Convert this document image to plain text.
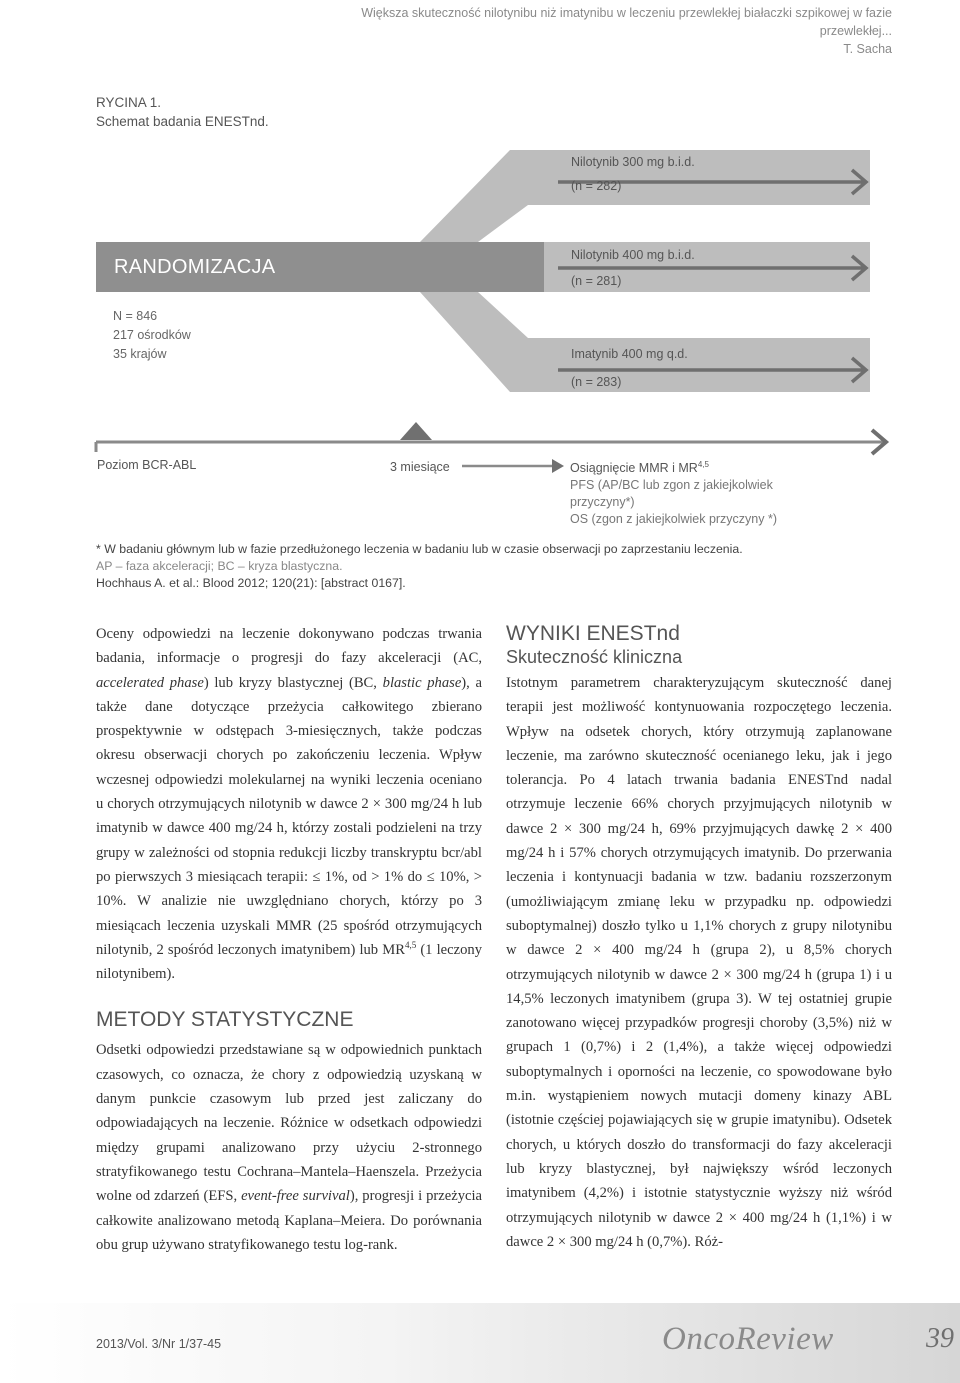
Większa skuteczność nilotynibu niż imatynibu w leczeniu przewlekłej białaczki szpikowej w fazie przewlekłej...
T. Sacha
RYCINA 1.
Schemat badania ENESTnd.
Nilotynib 300 mg b.i.d.
(n = 282)
Nilotynib 400 mg b.i.d.
(n = 281)
Imatynib 400 mg q.d.
(n = 283)
RANDOMIZACJA
N = 846
217 ośrodków
35 krajów
Poziom BCR-ABL	3 miesiące	Osiągnięcie MMR i MR$^{4,5}$
PFS (AP/BC lub zgon z jakiejkolwiek
przyczyny*)
OS (zgon z jakiejkolwiek przyczyny *)
* W badaniu głównym lub w fazie przedłużonego leczenia w badaniu lub w czasie obserwacji po zaprzestaniu leczenia.
AP – faza akceleracji; BC – kryza blastyczna.
Hochhaus A. et al.: Blood 2012; 120(21): [abstract 0167].

Oceny odpowiedzi na leczenie dokonywano podczas trwania badania, informacje o progresji do fazy akceleracji (AC, accelerated phase) lub kryzy blastycznej (BC, blastic phase), a także dane dotyczące przeżycia całkowitego zbierano prospektywnie w odstępach 3-miesięcznych, także podczas okresu obserwacji chorych po zakończeniu leczenia. Wpływ wczesnej odpowiedzi molekularnej na wyniki leczenia oceniano u chorych otrzymujących nilotynib w dawce 2 × 300 mg/24 h lub imatynib w dawce 400 mg/24 h, którzy zostali podzieleni na trzy grupy w zależności od stopnia redukcji liczby transkryptu bcr/abl po pierwszych 3 miesiącach terapii: ≤ 1%, od > 1% do ≤ 10%, > 10%. W analizie nie uwzględniano chorych, którzy po 3 miesiącach leczenia uzyskali MMR (25 spośród otrzymujących nilotynib, 2 spośród leczonych imatynibem) lub MR$^{4,5}$ (1 leczony nilotynibem).

METODY STATYSTYCZNE

Odsetki odpowiedzi przedstawiane są w odpowiednich punktach czasowych, co oznacza, że chory z odpowiedzią uzyskaną w danym punkcie czasowym lub przed jest zaliczany do odpowiadających na leczenie. Różnice w odsetkach odpowiedzi między grupami analizowano przy użyciu 2-stronnego stratyfikowanego testu Cochrana–Mantela–Haenszela. Przeżycia wolne od zdarzeń (EFS, event-free survival), progresji i przeżycia całkowite analizowano metodą Kaplana–Meiera. Do porównania obu grup używano stratyfikowanego testu log-rank.

WYNIKI ENESTnd
Skuteczność kliniczna

Istotnym parametrem charakteryzującym skuteczność danej terapii jest możliwość kontynuowania rozpoczętego leczenia. Wpływ na odsetek chorych, który otrzymują zaplanowane leczenie, ma zarówno skuteczność ocenianego leku, jak i jego tolerancja. Po 4 latach trwania badania ENESTnd nadal otrzymuje leczenie 66% chorych przyjmujących nilotynib w dawce 2 × 300 mg/24 h, 69% przyjmujących dawkę 2 × 400 mg/24 h i 57% chorych otrzymujących imatynib. Do przerwania leczenia i kontynuacji badania w tzw. badaniu rozszerzonym (umożliwiającym zmianę leku w przypadku np. odpowiedzi suboptymalnej) doszło tylko u 1,1% chorych z grupy nilotynibu w dawce 2 × 400 mg/24 h (grupa 2), u 8,5% chorych otrzymujących nilotynib w dawce 2 × 300 mg/24 h (grupa 1) i u 14,5% leczonych imatynibem (grupa 3). W tej ostatniej grupie zanotowano więcej przypadków progresji choroby (3,5%) niż w grupach 1 (0,7%) i 2 (1,4%), a także więcej odpowiedzi suboptymalnych i oporności na leczenie, co spowodowane było m.in. wystąpieniem nowych mutacji domeny kinazy ABL (istotnie częściej pojawiających się w grupie imatynibu). Odsetek chorych, u których doszło do transformacji do fazy akceleracji lub kryzy blastycznej, był największy wśród leczonych imatynibem (4,2%) i istotnie statystycznie wyższy niż wśród otrzymujących nilotynib w dawce 2 × 400 mg/24 h (1,1%) i w dawce 2 × 300 mg/24 h (0,7%). Róż-

2013/Vol. 3/Nr 1/37-45	OncoReview	39
